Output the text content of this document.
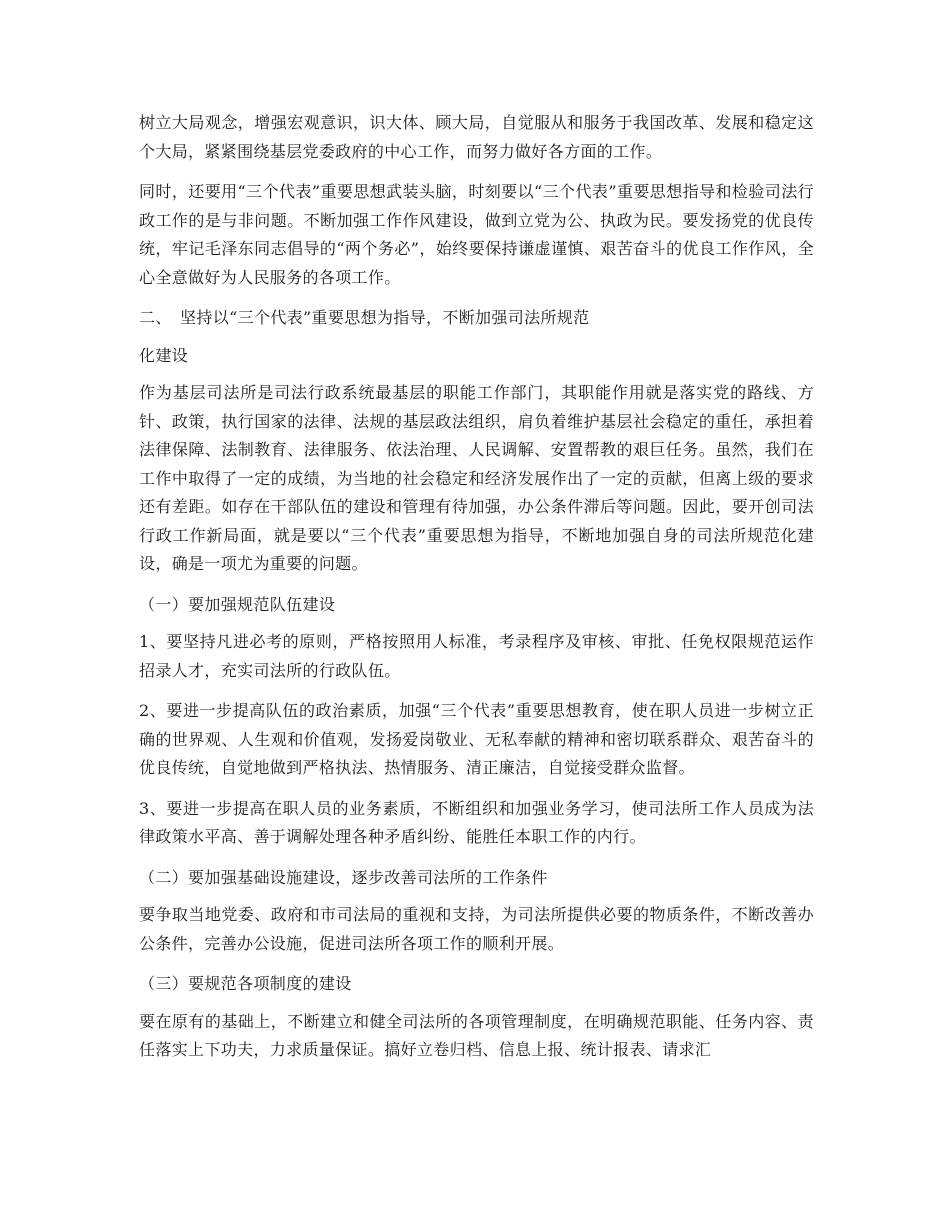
树立大局观念，增强宏观意识，识大体、顾大局，自觉服从和服务于我国改革、发展和稳定这个大局，紧紧围绕基层党委政府的中心工作，而努力做好各方面的工作。

同时，还要用“三个代表”重要思想武装头脑，时刻要以“三个代表”重要思想指导和检验司法行政工作的是与非问题。不断加强工作作风建设，做到立党为公、执政为民。要发扬党的优良传统，牢记毛泽东同志倡导的“两个务必”，始终要保持谦虚谨慎、艰苦奋斗的优良工作作风，全心全意做好为人民服务的各项工作。

二、　坚持以“三个代表”重要思想为指导，不断加强司法所规范

化建设

作为基层司法所是司法行政系统最基层的职能工作部门，其职能作用就是落实党的路线、方针、政策，执行国家的法律、法规的基层政法组织，肩负着维护基层社会稳定的重任，承担着法律保障、法制教育、法律服务、依法治理、人民调解、安置帮教的艰巨任务。虽然，我们在工作中取得了一定的成绩，为当地的社会稳定和经济发展作出了一定的贡献，但离上级的要求还有差距。如存在干部队伍的建设和管理有待加强，办公条件滞后等问题。因此，要开创司法行政工作新局面，就是要以“三个代表”重要思想为指导，不断地加强自身的司法所规范化建设，确是一项尤为重要的问题。

（一）要加强规范队伍建设

1、要坚持凡进必考的原则，严格按照用人标准，考录程序及审核、审批、任免权限规范运作招录人才，充实司法所的行政队伍。

2、要进一步提高队伍的政治素质，加强“三个代表”重要思想教育，使在职人员进一步树立正确的世界观、人生观和价值观，发扬爱岗敬业、无私奉献的精神和密切联系群众、艰苦奋斗的优良传统，自觉地做到严格执法、热情服务、清正廉洁，自觉接受群众监督。

3、要进一步提高在职人员的业务素质，不断组织和加强业务学习，使司法所工作人员成为法律政策水平高、善于调解处理各种矛盾纠纷、能胜任本职工作的内行。

（二）要加强基础设施建设，逐步改善司法所的工作条件

要争取当地党委、政府和市司法局的重视和支持，为司法所提供必要的物质条件，不断改善办公条件，完善办公设施，促进司法所各项工作的顺利开展。

（三）要规范各项制度的建设

要在原有的基础上，不断建立和健全司法所的各项管理制度，在明确规范职能、任务内容、责任落实上下功夫，力求质量保证。搞好立卷归档、信息上报、统计报表、请求汇
